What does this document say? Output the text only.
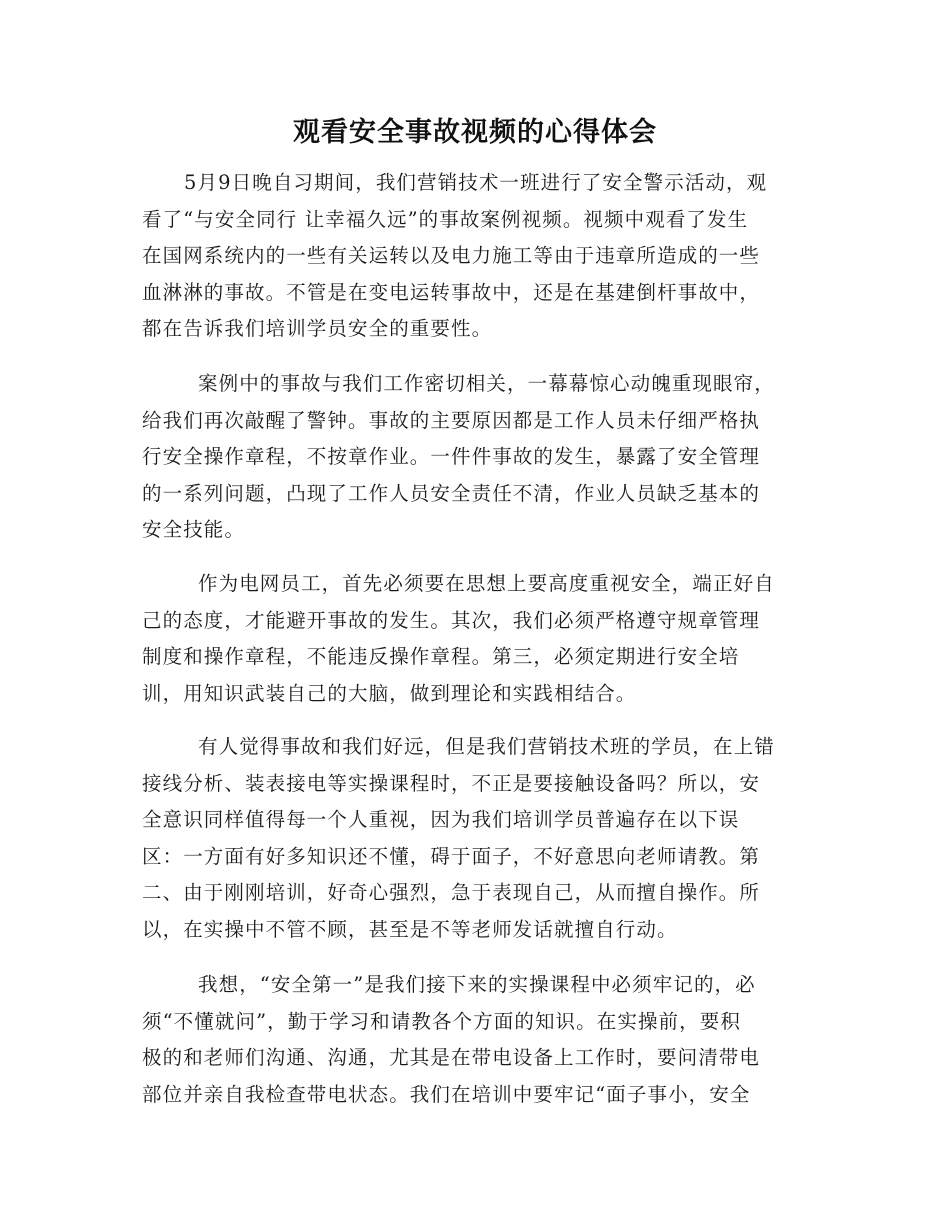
观看安全事故视频的心得体会
5月9日晚自习期间，我们营销技术一班进行了安全警示活动，观
看了“与安全同行 让幸福久远”的事故案例视频。视频中观看了发生
在国网系统内的一些有关运转以及电力施工等由于违章所造成的一些
血淋淋的事故。不管是在变电运转事故中，还是在基建倒杆事故中，
都在告诉我们培训学员安全的重要性。
案例中的事故与我们工作密切相关，一幕幕惊心动魄重现眼帘，
给我们再次敲醒了警钟。事故的主要原因都是工作人员未仔细严格执
行安全操作章程，不按章作业。一件件事故的发生，暴露了安全管理
的一系列问题，凸现了工作人员安全责任不清，作业人员缺乏基本的
安全技能。
作为电网员工，首先必须要在思想上要高度重视安全，端正好自
己的态度，才能避开事故的发生。其次，我们必须严格遵守规章管理
制度和操作章程，不能违反操作章程。第三，必须定期进行安全培
训，用知识武装自己的大脑，做到理论和实践相结合。
有人觉得事故和我们好远，但是我们营销技术班的学员，在上错
接线分析、装表接电等实操课程时，不正是要接触设备吗？所以，安
全意识同样值得每一个人重视，因为我们培训学员普遍存在以下误
区：一方面有好多知识还不懂，碍于面子，不好意思向老师请教。第
二、由于刚刚培训，好奇心强烈，急于表现自己，从而擅自操作。所
以，在实操中不管不顾，甚至是不等老师发话就擅自行动。
我想，“安全第一”是我们接下来的实操课程中必须牢记的，必
须“不懂就问”，勤于学习和请教各个方面的知识。在实操前，要积
极的和老师们沟通、沟通，尤其是在带电设备上工作时，要问清带电
部位并亲自我检查带电状态。我们在培训中要牢记“面子事小，安全
